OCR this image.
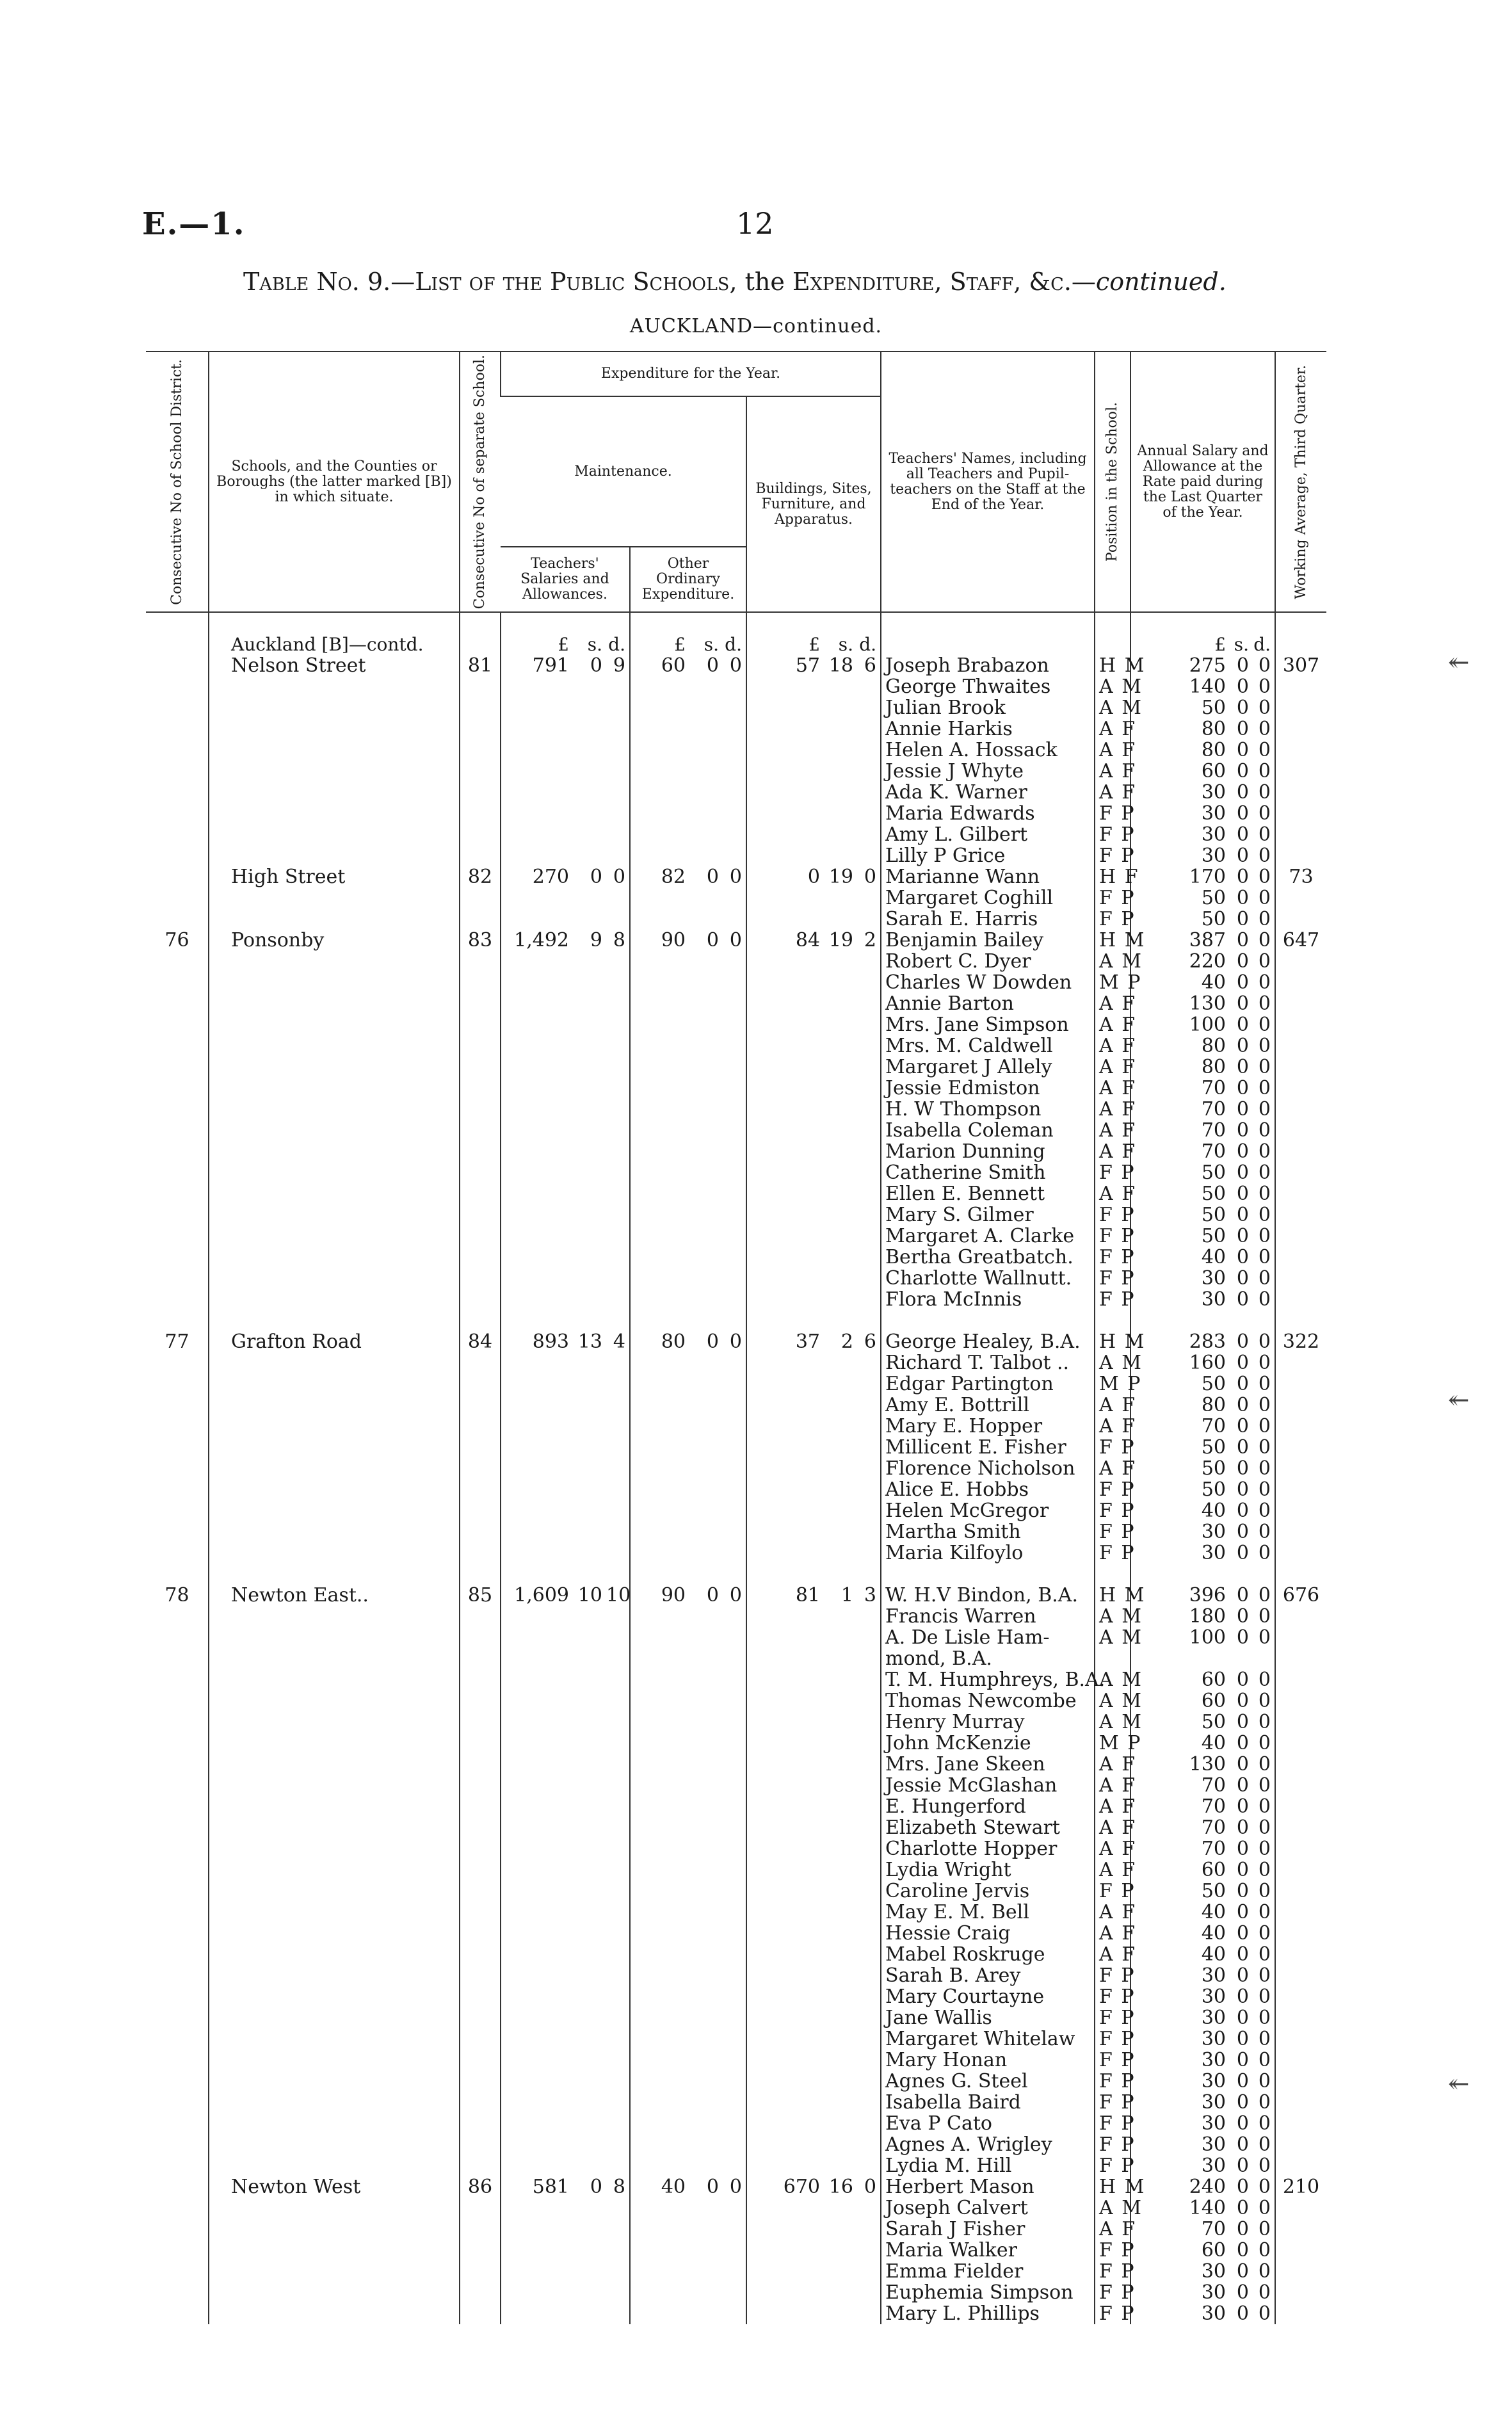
E.—1.	12
Table No. 9.—List of the Public Schools, the Expenditure, Staff, &c.—continued.
AUCKLAND—continued.
Consecutive No of School District.	Schools, and the Counties or Boroughs (the latter marked [B]) in which situate.	Consecutive No of separate School.	Expenditure for the Year.			Teachers' Names, including all Teachers and Pupil-teachers on the Staff at the End of the Year.	Position in the School.	Annual Salary and Allowance at the Rate paid during the Last Quarter of the Year.	Working Average, Third Quarter.

			Maintenance.		Buildings, Sites, Furniture, and Apparatus.				
			Teachers' Salaries and Allowances.	Other Ordinary Expenditure.					

	Auckland [B]—contd.		£ s. d.	£ s. d.	£ s. d.			£ s. d.	

	Nelson Street	81	791 0 9	60 0 0	57 18 6	Joseph Brabazon	H M	275 0 0	307
						George Thwaites	A M	140 0 0	

						Julian Brook	A M	50 0 0	

						Annie Harkis	A F	80 0 0	

						Helen A. Hossack	A F	80 0 0	

						Jessie J Whyte	A F	60 0 0	

						Ada K. Warner	A F	30 0 0	

						Maria Edwards	F P	30 0 0	

						Amy L. Gilbert	F P	30 0 0	

						Lilly P Grice	F P	30 0 0	

	High Street	82	270 0 0	82 0 0	0 19 0	Marianne Wann	H F	170 0 0	73
						Margaret Coghill	F P	50 0 0	

						Sarah E. Harris	F P	50 0 0	

76	Ponsonby	83	1,492 9 8	90 0 0	84 19 2	Benjamin Bailey	H M	387 0 0	647
						Robert C. Dyer	A M	220 0 0	

						Charles W Dowden	M P	40 0 0	

						Annie Barton	A F	130 0 0	

						Mrs. Jane Simpson	A F	100 0 0	

						Mrs. M. Caldwell	A F	80 0 0	

						Margaret J Allely	A F	80 0 0	

						Jessie Edmiston	A F	70 0 0	

						H. W Thompson	A F	70 0 0	

						Isabella Coleman	A F	70 0 0	

						Marion Dunning	A F	70 0 0	

						Catherine Smith	F P	50 0 0	

						Ellen E. Bennett	A F	50 0 0	

						Mary S. Gilmer	F P	50 0 0	

						Margaret A. Clarke	F P	50 0 0	

						Bertha Greatbatch.	F P	40 0 0	

						Charlotte Wallnutt.	F P	30 0 0	

						Flora McInnis	F P	30 0 0	

77	Grafton Road	84	893 13 4	80 0 0	37 2 6	George Healey, B.A.	H M	283 0 0	322
						Richard T. Talbot ..	A M	160 0 0	

						Edgar Partington	M P	50 0 0	

						Amy E. Bottrill	A F	80 0 0	

						Mary E. Hopper	A F	70 0 0	

						Millicent E. Fisher	F P	50 0 0	

						Florence Nicholson	A F	50 0 0	

						Alice E. Hobbs	F P	50 0 0	

						Helen McGregor	F P	40 0 0	

						Martha Smith	F P	30 0 0	

						Maria Kilfoylo	F P	30 0 0	

78	Newton East..	85	1,609 10 10	90 0 0	81 1 3	W. H.V Bindon, B.A.	H M	396 0 0	676
						Francis Warren	A M	180 0 0	

						A. De Lisle Ham-	A M	100 0 0	

						mond, B.A.		

						T. M. Humphreys, B.A.	A M	60 0 0	

						Thomas Newcombe	A M	60 0 0	

						Henry Murray	A M	50 0 0	

						John McKenzie	M P	40 0 0	

						Mrs. Jane Skeen	A F	130 0 0	

						Jessie McGlashan	A F	70 0 0	

						E. Hungerford	A F	70 0 0	

						Elizabeth Stewart	A F	70 0 0	

						Charlotte Hopper	A F	70 0 0	

						Lydia Wright	A F	60 0 0	

						Caroline Jervis	F P	50 0 0	

						May E. M. Bell	A F	40 0 0	

						Hessie Craig	A F	40 0 0	

						Mabel Roskruge	A F	40 0 0	

						Sarah B. Arey	F P	30 0 0	

						Mary Courtayne	F P	30 0 0	

						Jane Wallis	F P	30 0 0	

						Margaret Whitelaw	F P	30 0 0	

						Mary Honan	F P	30 0 0	

						Agnes G. Steel	F P	30 0 0	

						Isabella Baird	F P	30 0 0	

						Eva P Cato	F P	30 0 0	

						Agnes A. Wrigley	F P	30 0 0	

						Lydia M. Hill	F P	30 0 0	

	Newton West	86	581 0 8	40 0 0	670 16 0	Herbert Mason	H M	240 0 0	210
						Joseph Calvert	A M	140 0 0	

						Sarah J Fisher	A F	70 0 0	

						Maria Walker	F P	60 0 0	

						Emma Fielder	F P	30 0 0	

						Euphemia Simpson	F P	30 0 0	

						Mary L. Phillips	F P	30 0 0	

↞
↞
↞
